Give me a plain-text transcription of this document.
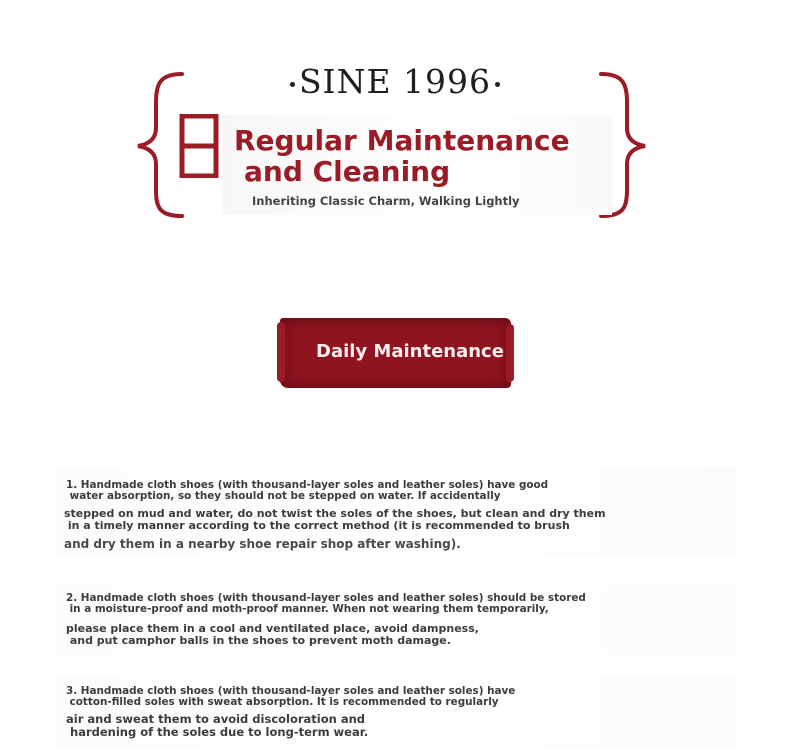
SINE 1996
Regular Maintenance
and Cleaning
Inheriting Classic Charm, Walking Lightly
Daily Maintenance
1. Handmade cloth shoes (with thousand-layer soles and leather soles) have good
water absorption, so they should not be stepped on water. If accidentally
stepped on mud and water, do not twist the soles of the shoes, but clean and dry them
in a timely manner according to the correct method (it is recommended to brush
and dry them in a nearby shoe repair shop after washing).
2. Handmade cloth shoes (with thousand-layer soles and leather soles) should be stored
in a moisture-proof and moth-proof manner. When not wearing them temporarily,
please place them in a cool and ventilated place, avoid dampness,
and put camphor balls in the shoes to prevent moth damage.
3. Handmade cloth shoes (with thousand-layer soles and leather soles) have
cotton-filled soles with sweat absorption. It is recommended to regularly
air and sweat them to avoid discoloration and
hardening of the soles due to long-term wear.
